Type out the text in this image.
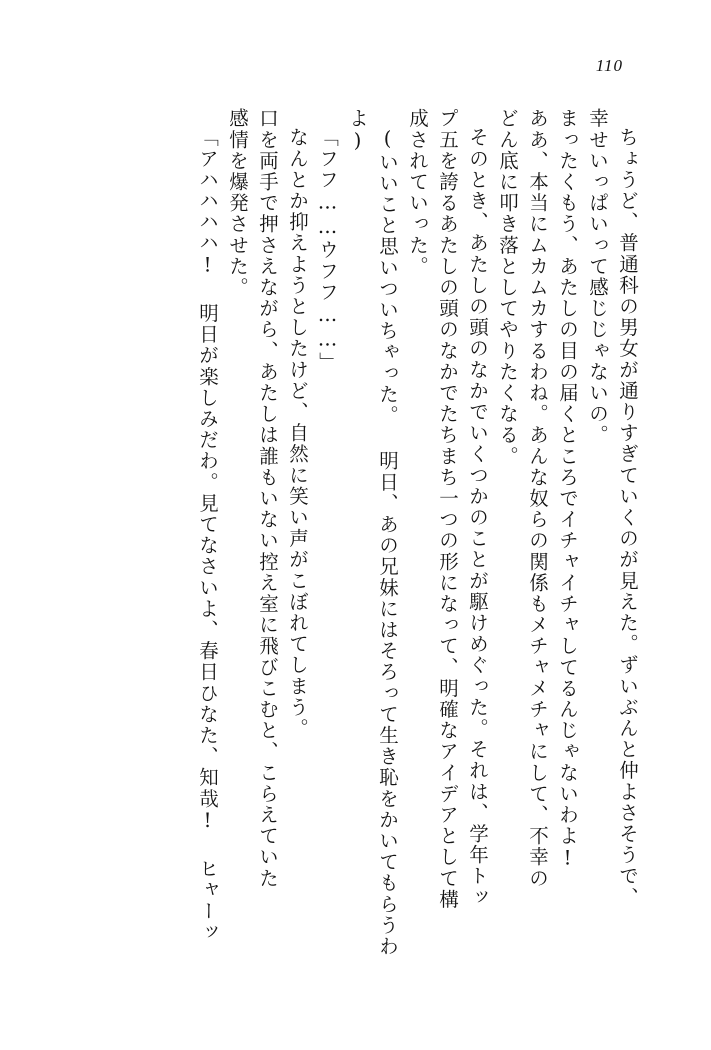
110
ちょうど、普通科の男女が通りすぎていくのが見えた。ずいぶんと仲よさそうで、
幸せいっぱいって感じじゃないの。
まったくもう、あたしの目の届くところでイチャイチャしてるんじゃないわよ!
ああ、本当にムカムカするわね。あんな奴らの関係もメチャメチャにして、不幸の
どん底に叩き落としてやりたくなる。
そのとき、あたしの頭のなかでいくつかのことが駆けめぐった。それは、学年トッ
プ五を誇るあたしの頭のなかでたちまち一つの形になって、明確なアイデアとして構
成されていった。
(いいこと思いついちゃった。 明日、あの兄妹にはそろって生き恥をかいてもらうわ
よ)
「フフ……ウフフ……」
なんとか抑えようとしたけど、自然に笑い声がこぼれてしまう。
口を両手で押さえながら、あたしは誰もいない控え室に飛びこむと、こらえていた
感情を爆発させた。
「アハハハハ! 明日が楽しみだわ。見てなさいよ、春日ひなた、知哉! ヒャーッ
